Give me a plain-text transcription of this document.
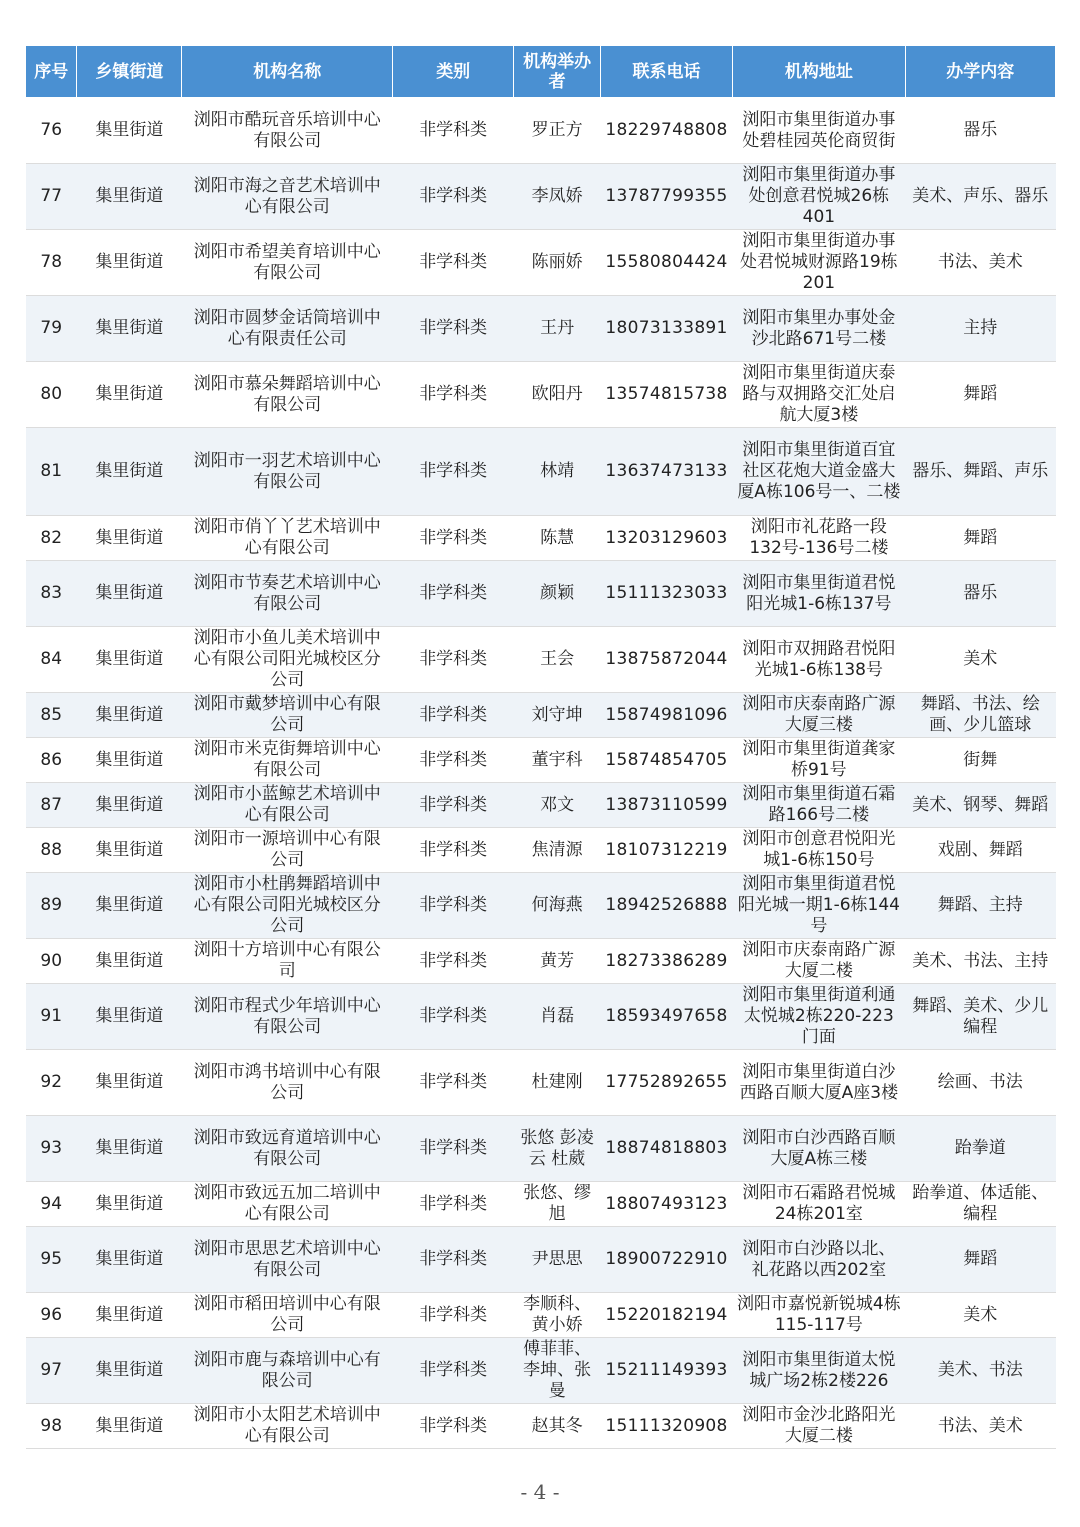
序号	乡镇街道	机构名称	类别	机构举办者	联系电话	机构地址	办学内容
76	集里街道	浏阳市酷玩音乐培训中心有限公司	非学科类	罗正方	18229748808	浏阳市集里街道办事处碧桂园英伦商贸街	器乐
77	集里街道	浏阳市海之音艺术培训中心有限公司	非学科类	李凤娇	13787799355	浏阳市集里街道办事处创意君悦城26栋401	美术、声乐、器乐
78	集里街道	浏阳市希望美育培训中心有限公司	非学科类	陈丽娇	15580804424	浏阳市集里街道办事处君悦城财源路19栋201	书法、美术
79	集里街道	浏阳市圆梦金话筒培训中心有限责任公司	非学科类	王丹	18073133891	浏阳市集里办事处金沙北路671号二楼	主持
80	集里街道	浏阳市慕朵舞蹈培训中心有限公司	非学科类	欧阳丹	13574815738	浏阳市集里街道庆泰路与双拥路交汇处启航大厦3楼	舞蹈
81	集里街道	浏阳市一羽艺术培训中心有限公司	非学科类	林靖	13637473133	浏阳市集里街道百宜社区花炮大道金盛大厦A栋106号一、二楼	器乐、舞蹈、声乐
82	集里街道	浏阳市俏丫丫艺术培训中心有限公司	非学科类	陈慧	13203129603	浏阳市礼花路一段132号-136号二楼	舞蹈
83	集里街道	浏阳市节奏艺术培训中心有限公司	非学科类	颜颖	15111323033	浏阳市集里街道君悦阳光城1-6栋137号	器乐
84	集里街道	浏阳市小鱼儿美术培训中心有限公司阳光城校区分公司	非学科类	王会	13875872044	浏阳市双拥路君悦阳光城1-6栋138号	美术
85	集里街道	浏阳市戴梦培训中心有限公司	非学科类	刘守坤	15874981096	浏阳市庆泰南路广源大厦三楼	舞蹈、书法、绘画、少儿篮球
86	集里街道	浏阳市米克街舞培训中心有限公司	非学科类	董宇科	15874854705	浏阳市集里街道龚家桥91号	街舞
87	集里街道	浏阳市小蓝鲸艺术培训中心有限公司	非学科类	邓文	13873110599	浏阳市集里街道石霜路166号二楼	美术、钢琴、舞蹈
88	集里街道	浏阳市一源培训中心有限公司	非学科类	焦清源	18107312219	浏阳市创意君悦阳光城1-6栋150号	戏剧、舞蹈
89	集里街道	浏阳市小杜鹃舞蹈培训中心有限公司阳光城校区分公司	非学科类	何海燕	18942526888	浏阳市集里街道君悦阳光城一期1-6栋144号	舞蹈、主持
90	集里街道	浏阳十方培训中心有限公司	非学科类	黄芳	18273386289	浏阳市庆泰南路广源大厦二楼	美术、书法、主持
91	集里街道	浏阳市程式少年培训中心有限公司	非学科类	肖磊	18593497658	浏阳市集里街道利通太悦城2栋220-223门面	舞蹈、美术、少儿编程
92	集里街道	浏阳市鸿书培训中心有限公司	非学科类	杜建刚	17752892655	浏阳市集里街道白沙西路百顺大厦A座3楼	绘画、书法
93	集里街道	浏阳市致远育道培训中心有限公司	非学科类	张悠 彭凌云 杜葳	18874818803	浏阳市白沙西路百顺大厦A栋三楼	跆拳道
94	集里街道	浏阳市致远五加二培训中心有限公司	非学科类	张悠、缪旭	18807493123	浏阳市石霜路君悦城24栋201室	跆拳道、体适能、编程
95	集里街道	浏阳市思思艺术培训中心有限公司	非学科类	尹思思	18900722910	浏阳市白沙路以北、礼花路以西202室	舞蹈
96	集里街道	浏阳市稻田培训中心有限公司	非学科类	李顺科、黄小娇	15220182194	浏阳市嘉悦新锐城4栋115-117号	美术
97	集里街道	浏阳市鹿与森培训中心有限公司	非学科类	傅菲菲、李坤、张曼	15211149393	浏阳市集里街道太悦城广场2栋2楼226	美术、书法
98	集里街道	浏阳市小太阳艺术培训中心有限公司	非学科类	赵其冬	15111320908	浏阳市金沙北路阳光大厦二楼	书法、美术
- 4 -
